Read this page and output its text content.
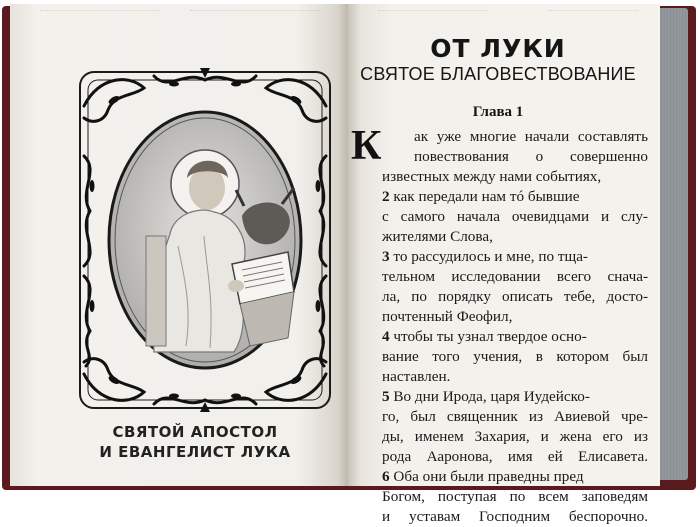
СВЯТОЙ АПОСТОЛ
И ЕВАНГЕЛИСТ ЛУКА
ОТ ЛУКИ
СВЯТОЕ БЛАГОВЕСТВОВАНИЕ
Глава 1
К	ак уже многие начали составлять
повествования о совершенно
известных между нами событиях,
2 как передали нам тó бывшие
с самого начала очевидцами и слу-
жителями Слова,
3 то рассудилось и мне, по тща-
тельном исследовании всего снача-
ла, по порядку описать тебе, досто-
почтенный Феофил,
4 чтобы ты узнал твердое осно-
вание того учения, в котором был
наставлен.
5 Во дни Ирода, царя Иудейско-
го, был священник из Авиевой чре-
ды, именем Захария, и жена его из
рода Ааронова, имя ей Елисавета.
6 Оба они были праведны пред
Богом, поступая по всем заповедям
и уставам Господним беспорочно.
